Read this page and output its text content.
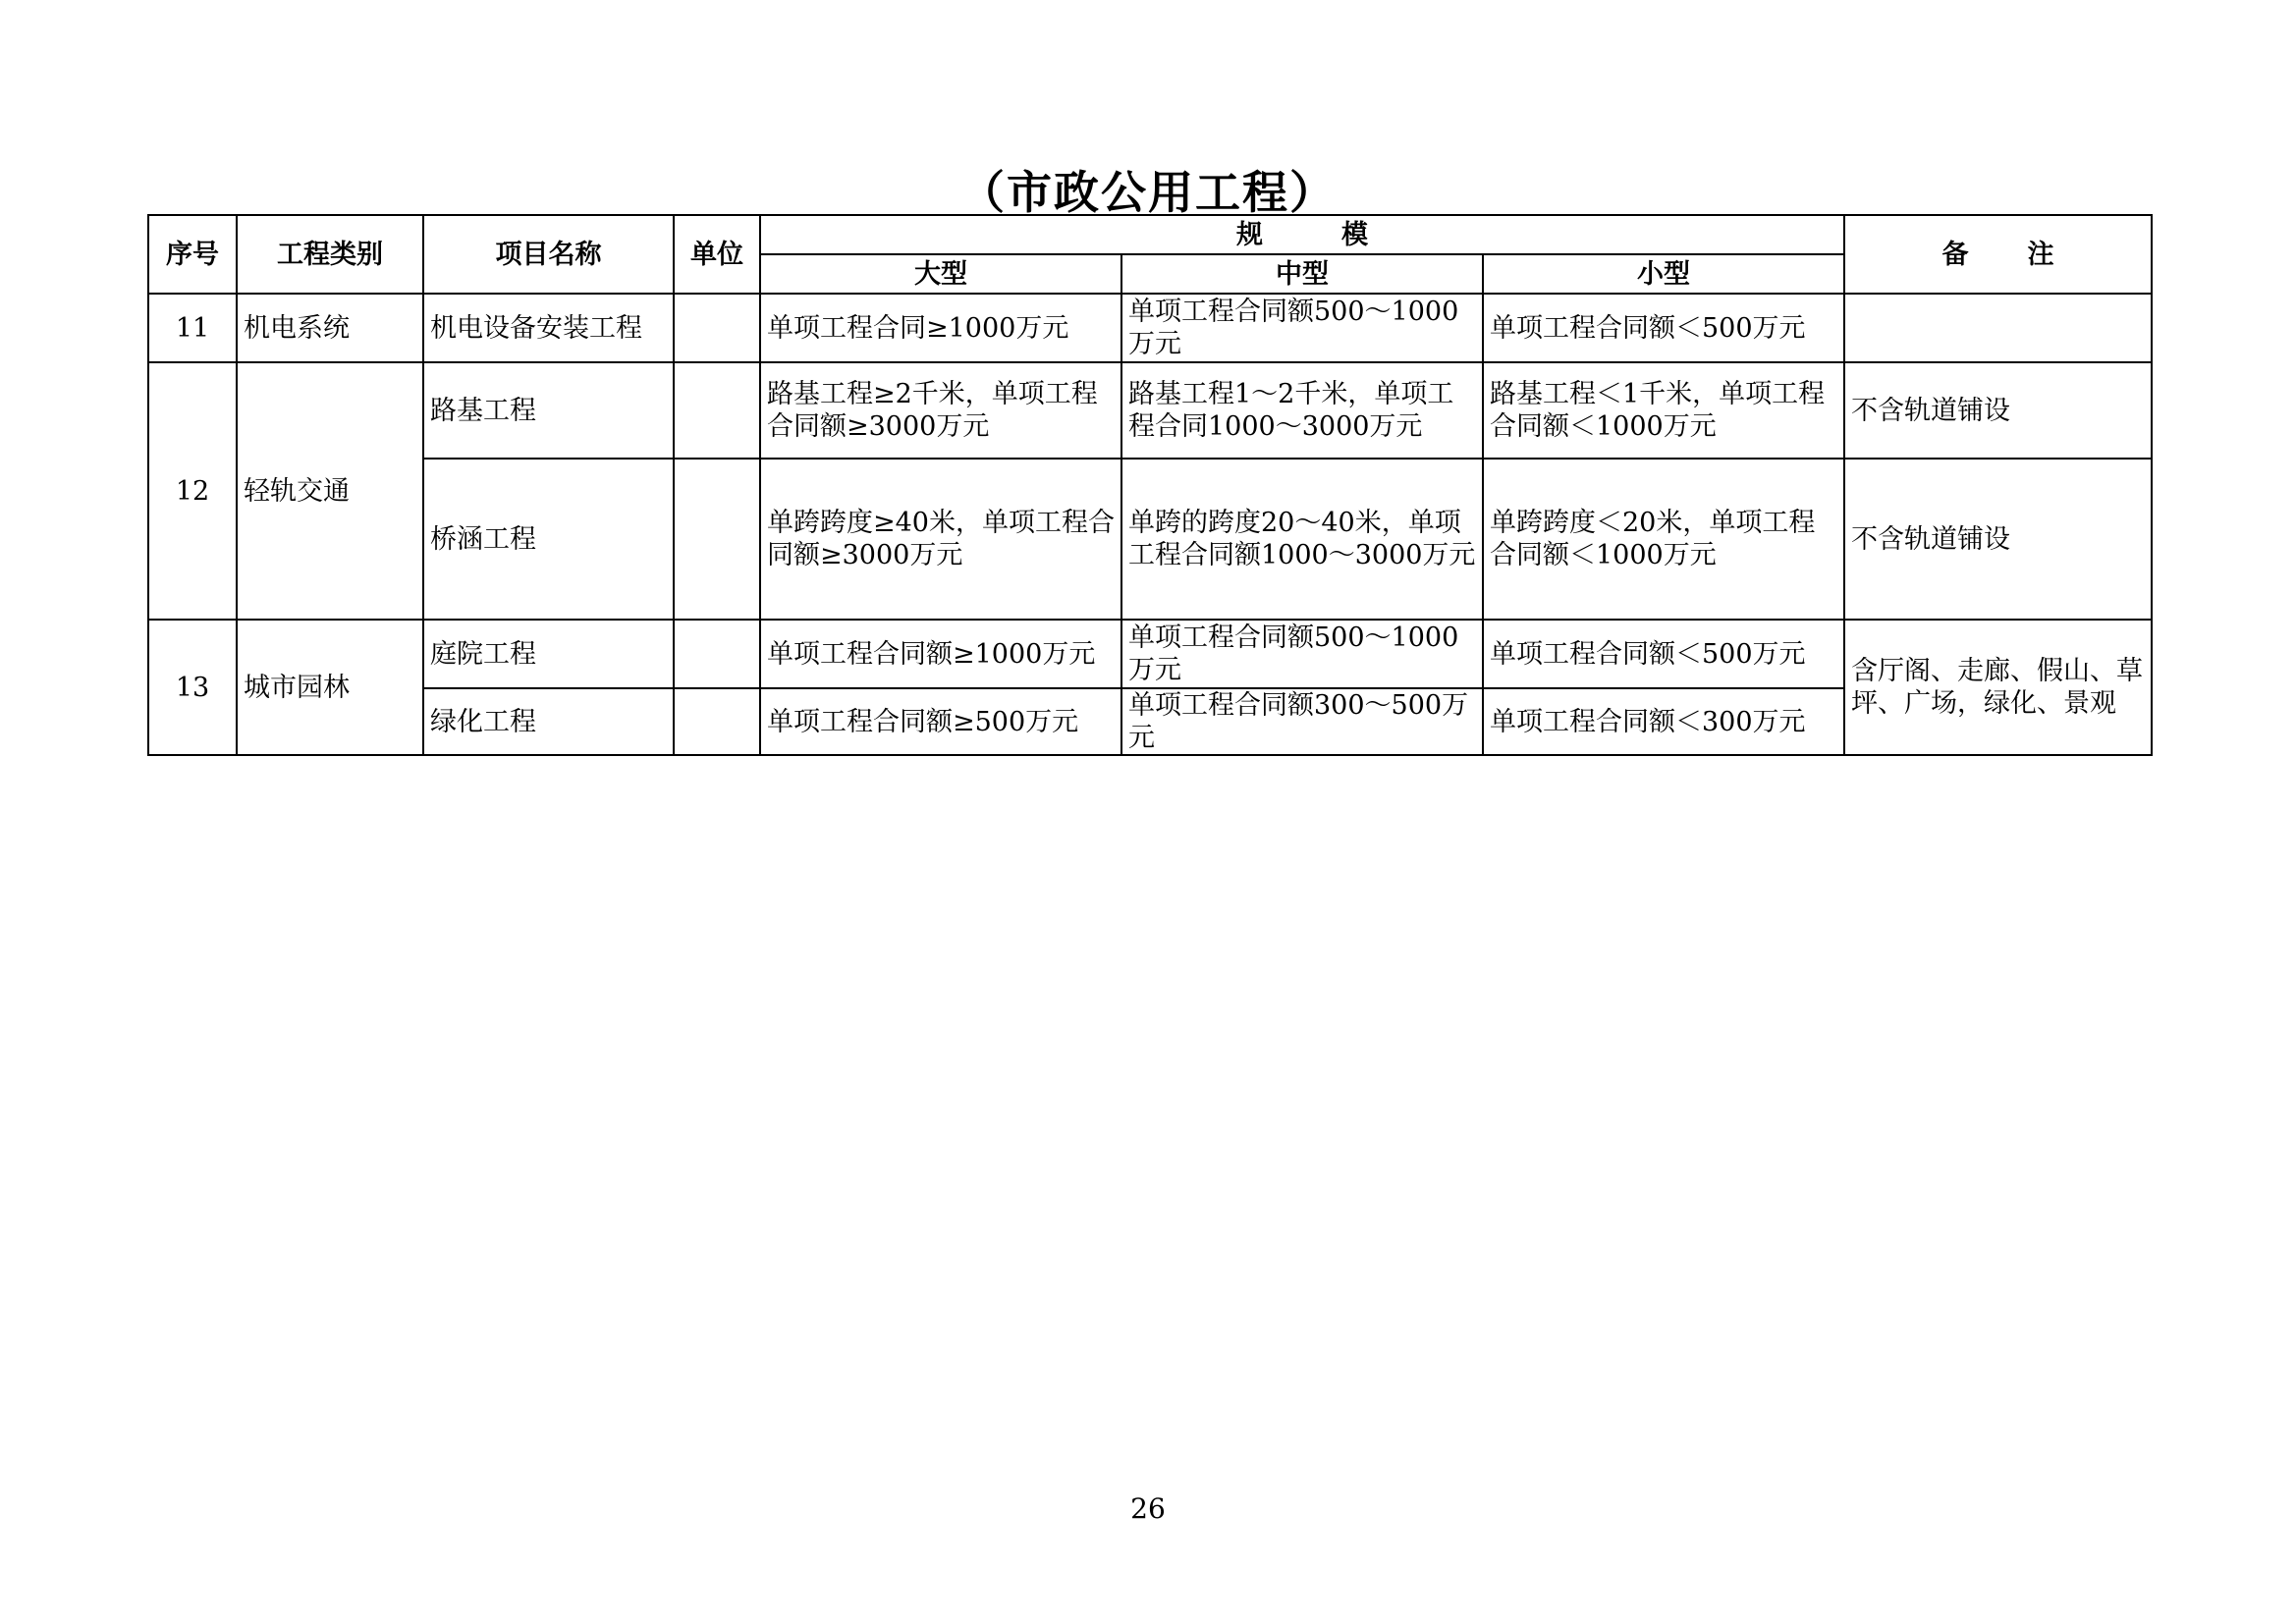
（市政公用工程）
序号	工程类别	项目名称	单位	规模			备注
				大型	中型	小型	
11	机电系统	机电设备安装工程		单项工程合同≥1000万元	单项工程合同额500～1000万元	单项工程合同额＜500万元	
12	轻轨交通	路基工程		路基工程≥2千米，单项工程合同额≥3000万元	路基工程1～2千米，单项工程合同1000～3000万元	路基工程＜1千米，单项工程合同额＜1000万元	不含轨道铺设
		桥涵工程		单跨跨度≥40米，单项工程合同额≥3000万元	单跨的跨度20～40米，单项工程合同额1000～3000万元	单跨跨度＜20米，单项工程合同额＜1000万元	不含轨道铺设
13	城市园林	庭院工程		单项工程合同额≥1000万元	单项工程合同额500～1000万元	单项工程合同额＜500万元	含厅阁、走廊、假山、草坪、广场，绿化、景观
		绿化工程		单项工程合同额≥500万元	单项工程合同额300～500万元	单项工程合同额＜300万元	
26
